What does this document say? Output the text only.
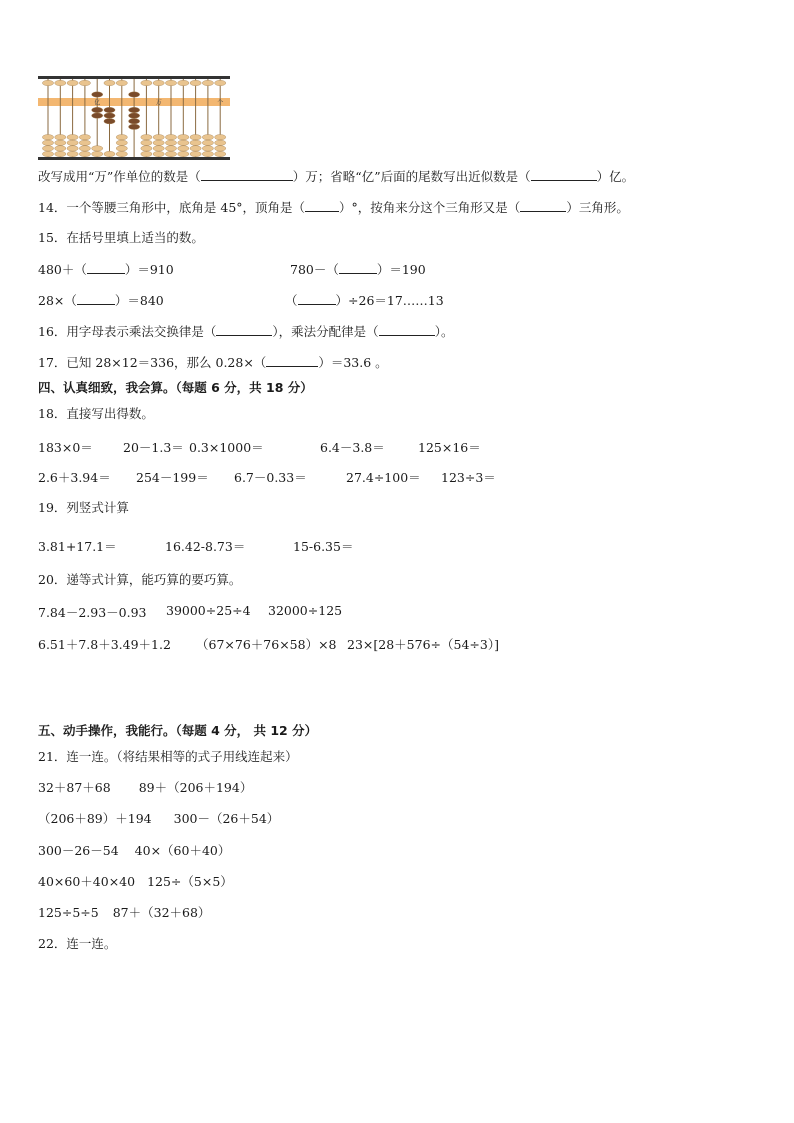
亿	万	个
改写成用“万”作单位的数是（	）万；省略“亿”后面的尾数写出近似数是（	）亿。
14．一个等腰三角形中，底角是 45°，顶角是（	）°，按角来分这个三角形又是（	）三角形。
15．在括号里填上适当的数。
480＋（	）＝910	780－（	）＝190
28×（	）＝840	（	）÷26＝17……13
16．用字母表示乘法交换律是（	），乘法分配律是（	）。
17．已知 28×12＝336，那么 0.28×（	）＝33.6 。
四、认真细致，我会算。（每题 6 分，共 18 分）
18．直接写出得数。
183×0＝ 20－1.3＝ 0.3×1000＝	6.4－3.8＝	125×16＝
2.6＋3.94＝ 254－199＝ 6.7－0.33＝	27.4÷100＝ 123÷3＝
19．列竖式计算
3.81+17.1＝	16.42-8.73＝	15-6.35＝
20．递等式计算，能巧算的要巧算。
7.84－2.93－0.93 39000÷25÷4 32000÷125
6.51＋7.8＋3.49＋1.2 （67×76＋76×58）×8 23×[28＋576÷（54÷3）]
五、动手操作，我能行。（每题 4 分， 共 12 分）
21．连一连。（将结果相等的式子用线连起来）
32＋87＋68 89＋（206＋194）
（206＋89）＋194 300－（26＋54）
300－26－54 40×（60＋40）
40×60＋40×40 125÷（5×5）
125÷5÷5 87＋（32＋68）
22．连一连。
